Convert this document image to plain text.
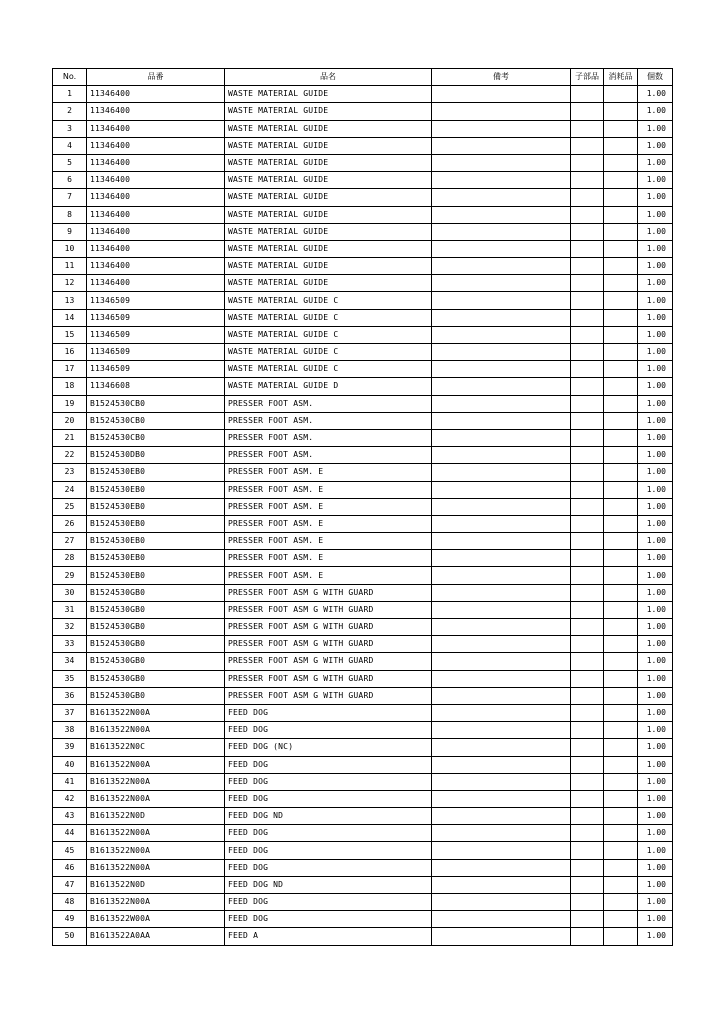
No.	品番	品名	備考	子部品	消耗品	個数
1	11346400	WASTE MATERIAL GUIDE				1.00
2	11346400	WASTE MATERIAL GUIDE				1.00
3	11346400	WASTE MATERIAL GUIDE				1.00
4	11346400	WASTE MATERIAL GUIDE				1.00
5	11346400	WASTE MATERIAL GUIDE				1.00
6	11346400	WASTE MATERIAL GUIDE				1.00
7	11346400	WASTE MATERIAL GUIDE				1.00
8	11346400	WASTE MATERIAL GUIDE				1.00
9	11346400	WASTE MATERIAL GUIDE				1.00
10	11346400	WASTE MATERIAL GUIDE				1.00
11	11346400	WASTE MATERIAL GUIDE				1.00
12	11346400	WASTE MATERIAL GUIDE				1.00
13	11346509	WASTE MATERIAL GUIDE C				1.00
14	11346509	WASTE MATERIAL GUIDE C				1.00
15	11346509	WASTE MATERIAL GUIDE C				1.00
16	11346509	WASTE MATERIAL GUIDE C				1.00
17	11346509	WASTE MATERIAL GUIDE C				1.00
18	11346608	WASTE MATERIAL GUIDE D				1.00
19	B1524530CB0	PRESSER FOOT ASM.				1.00
20	B1524530CB0	PRESSER FOOT ASM.				1.00
21	B1524530CB0	PRESSER FOOT ASM.				1.00
22	B1524530DB0	PRESSER FOOT ASM.				1.00
23	B1524530EB0	PRESSER FOOT ASM. E				1.00
24	B1524530EB0	PRESSER FOOT ASM. E				1.00
25	B1524530EB0	PRESSER FOOT ASM. E				1.00
26	B1524530EB0	PRESSER FOOT ASM. E				1.00
27	B1524530EB0	PRESSER FOOT ASM. E				1.00
28	B1524530EB0	PRESSER FOOT ASM. E				1.00
29	B1524530EB0	PRESSER FOOT ASM. E				1.00
30	B1524530GB0	PRESSER FOOT ASM G WITH GUARD				1.00
31	B1524530GB0	PRESSER FOOT ASM G WITH GUARD				1.00
32	B1524530GB0	PRESSER FOOT ASM G WITH GUARD				1.00
33	B1524530GB0	PRESSER FOOT ASM G WITH GUARD				1.00
34	B1524530GB0	PRESSER FOOT ASM G WITH GUARD				1.00
35	B1524530GB0	PRESSER FOOT ASM G WITH GUARD				1.00
36	B1524530GB0	PRESSER FOOT ASM G WITH GUARD				1.00
37	B1613522N00A	FEED DOG				1.00
38	B1613522N00A	FEED DOG				1.00
39	B1613522N0C	FEED DOG (NC)				1.00
40	B1613522N00A	FEED DOG				1.00
41	B1613522N00A	FEED DOG				1.00
42	B1613522N00A	FEED DOG				1.00
43	B1613522N0D	FEED DOG ND				1.00
44	B1613522N00A	FEED DOG				1.00
45	B1613522N00A	FEED DOG				1.00
46	B1613522N00A	FEED DOG				1.00
47	B1613522N0D	FEED DOG ND				1.00
48	B1613522N00A	FEED DOG				1.00
49	B1613522W00A	FEED DOG				1.00
50	B1613522A0AA	FEED A				1.00
